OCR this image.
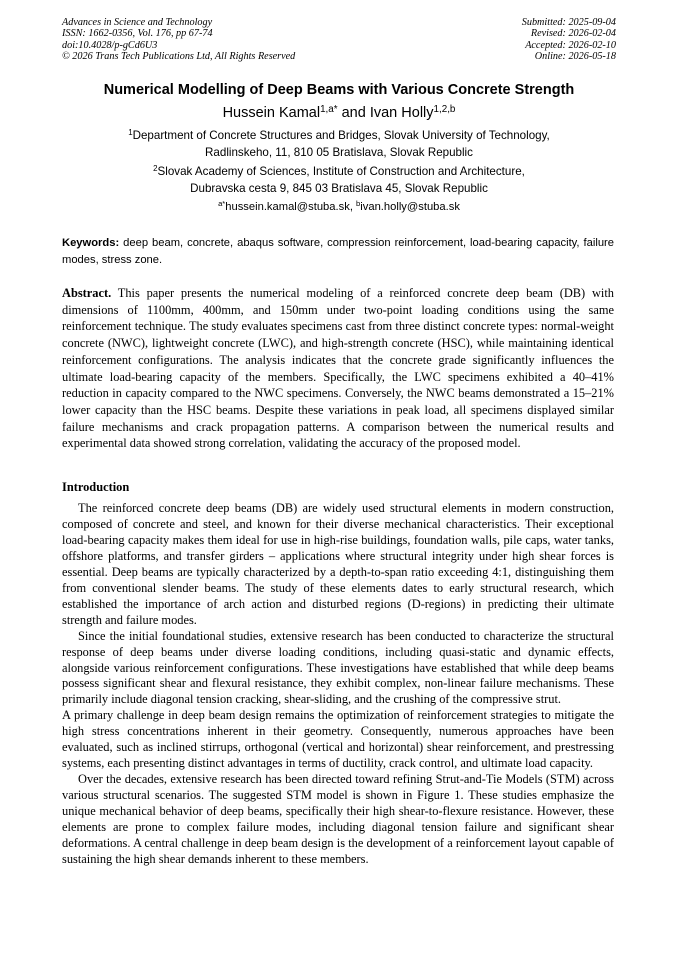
Advances in Science and Technology
ISSN: 1662-0356, Vol. 176, pp 67-74
doi:10.4028/p-gCd6U3
© 2026 Trans Tech Publications Ltd, All Rights Reserved
Submitted: 2025-09-04
Revised: 2026-02-04
Accepted: 2026-02-10
Online: 2026-05-18
Numerical Modelling of Deep Beams with Various Concrete Strength
Hussein Kamal$^{1,a*}$ and Ivan Holly$^{1,2,b}$
$^1$Department of Concrete Structures and Bridges, Slovak University of Technology,
Radlinskeho, 11, 810 05 Bratislava, Slovak Republic
$^2$Slovak Academy of Sciences, Institute of Construction and Architecture,
Dubravska cesta 9, 845 03 Bratislava 45, Slovak Republic
$^{a*}$hussein.kamal@stuba.sk, $^b$ivan.holly@stuba.sk
Keywords: deep beam, concrete, abaqus software, compression reinforcement, load-bearing capacity, failure modes, stress zone.
Abstract. This paper presents the numerical modeling of a reinforced concrete deep beam (DB) with dimensions of 1100mm, 400mm, and 150mm under two-point loading conditions using the same reinforcement technique. The study evaluates specimens cast from three distinct concrete types: normal-weight concrete (NWC), lightweight concrete (LWC), and high-strength concrete (HSC), while maintaining identical reinforcement configurations. The analysis indicates that the concrete grade significantly influences the ultimate load-bearing capacity of the members. Specifically, the LWC specimens exhibited a 40–41% reduction in capacity compared to the NWC specimens. Conversely, the NWC beams demonstrated a 15–21% lower capacity than the HSC beams. Despite these variations in peak load, all specimens displayed similar failure mechanisms and crack propagation patterns. A comparison between the numerical results and experimental data showed strong correlation, validating the accuracy of the proposed model.
Introduction

The reinforced concrete deep beams (DB) are widely used structural elements in modern construction, composed of concrete and steel, and known for their diverse mechanical characteristics. Their exceptional load-bearing capacity makes them ideal for use in high-rise buildings, foundation walls, pile caps, water tanks, offshore platforms, and transfer girders – applications where structural integrity under high shear forces is essential. Deep beams are typically characterized by a depth-to-span ratio exceeding 4:1, distinguishing them from conventional slender beams. The study of these elements dates to early structural research, which established the importance of arch action and disturbed regions (D-regions) in predicting their ultimate strength and failure modes.

Since the initial foundational studies, extensive research has been conducted to characterize the structural response of deep beams under diverse loading conditions, including quasi-static and dynamic effects, alongside various reinforcement configurations. These investigations have established that while deep beams possess significant shear and flexural resistance, they exhibit complex, non-linear failure mechanisms. These primarily include diagonal tension cracking, shear-sliding, and the crushing of the compressive strut.

A primary challenge in deep beam design remains the optimization of reinforcement strategies to mitigate the high stress concentrations inherent in their geometry. Consequently, numerous approaches have been evaluated, such as inclined stirrups, orthogonal (vertical and horizontal) shear reinforcement, and prestressing systems, each presenting distinct advantages in terms of ductility, crack control, and ultimate load capacity.

Over the decades, extensive research has been directed toward refining Strut-and-Tie Models (STM) across various structural scenarios. The suggested STM model is shown in Figure 1. These studies emphasize the unique mechanical behavior of deep beams, specifically their high shear-to-flexure resistance. However, these elements are prone to complex failure modes, including diagonal tension failure and significant shear deformations. A central challenge in deep beam design is the development of a reinforcement layout capable of sustaining the high shear demands inherent to these members.
